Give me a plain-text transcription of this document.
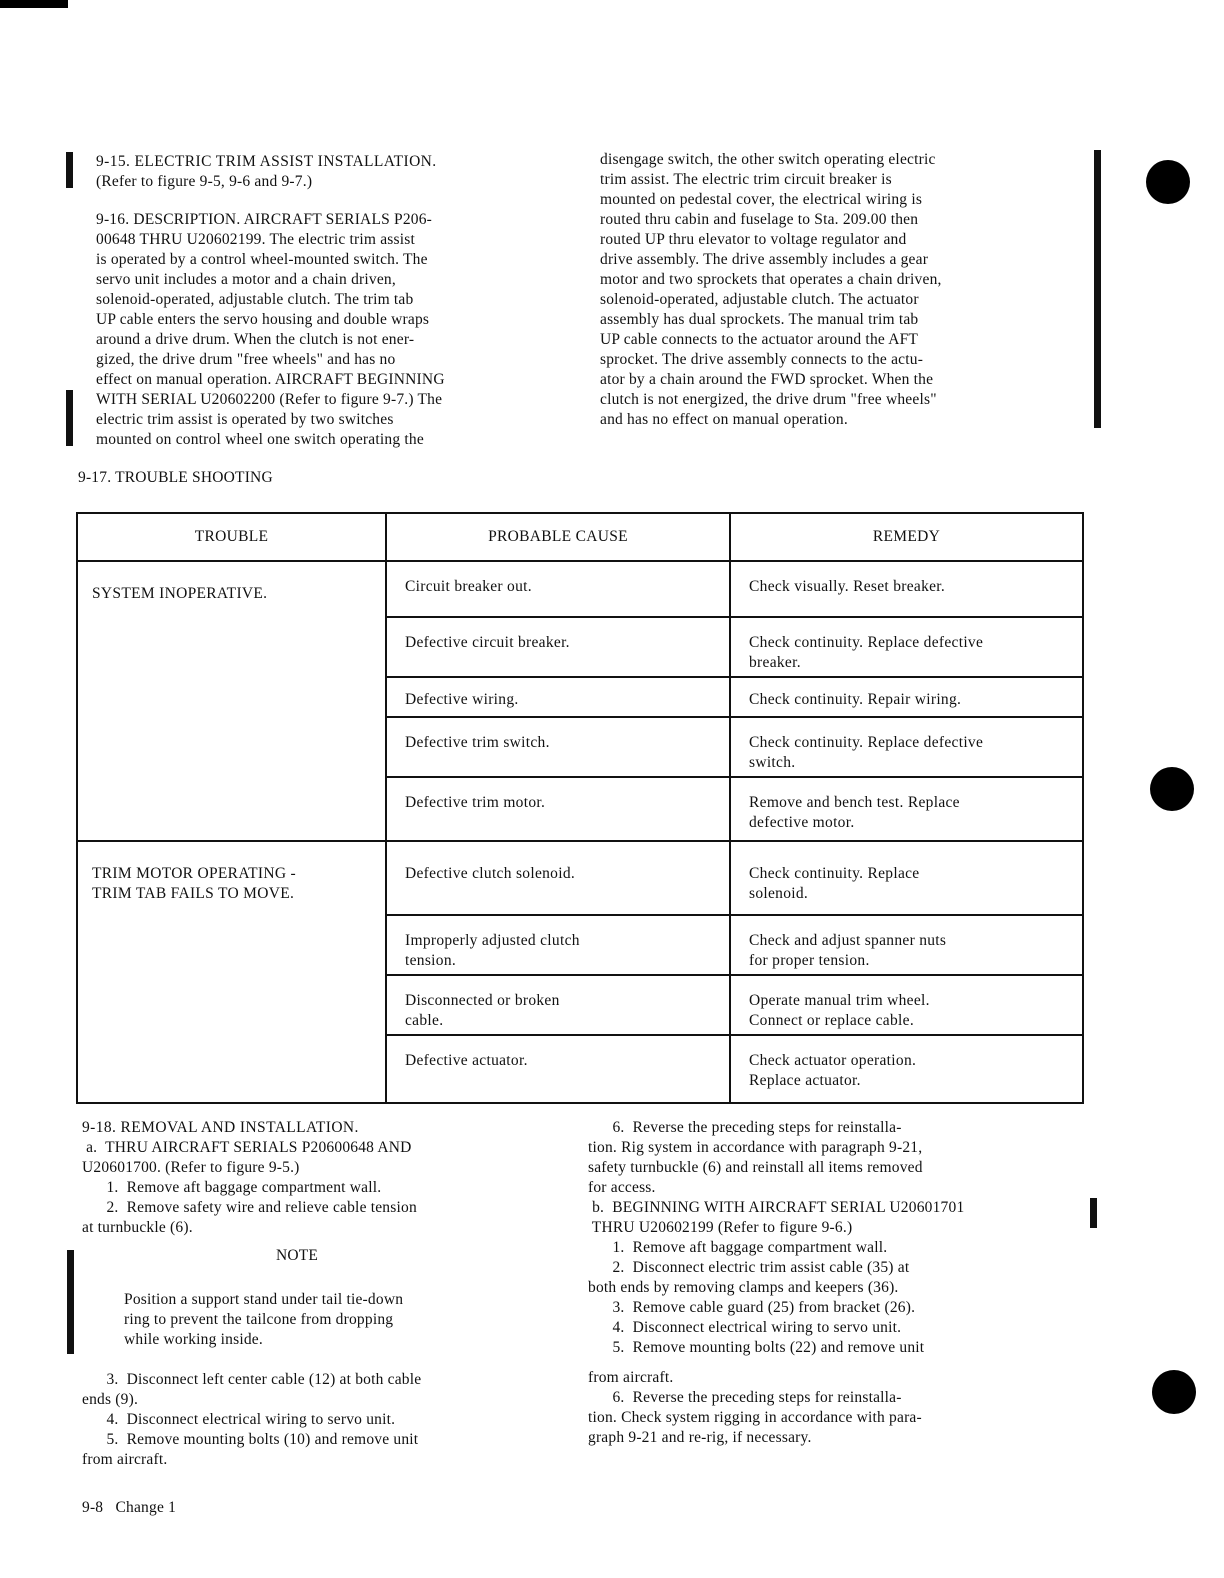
9-15. ELECTRIC TRIM ASSIST INSTALLATION.
(Refer to figure 9-5, 9-6 and 9-7.)
9-16. DESCRIPTION. AIRCRAFT SERIALS P206-
00648 THRU U20602199. The electric trim assist
is operated by a control wheel-mounted switch. The
servo unit includes a motor and a chain driven,
solenoid-operated, adjustable clutch. The trim tab
UP cable enters the servo housing and double wraps
around a drive drum. When the clutch is not ener-
gized, the drive drum "free wheels" and has no
effect on manual operation. AIRCRAFT BEGINNING
WITH SERIAL U20602200 (Refer to figure 9-7.) The
electric trim assist is operated by two switches
mounted on control wheel one switch operating the
disengage switch, the other switch operating electric
trim assist. The electric trim circuit breaker is
mounted on pedestal cover, the electrical wiring is
routed thru cabin and fuselage to Sta. 209.00 then
routed UP thru elevator to voltage regulator and
drive assembly. The drive assembly includes a gear
motor and two sprockets that operates a chain driven,
solenoid-operated, adjustable clutch. The actuator
assembly has dual sprockets. The manual trim tab
UP cable connects to the actuator around the AFT
sprocket. The drive assembly connects to the actu-
ator by a chain around the FWD sprocket. When the
clutch is not energized, the drive drum "free wheels"
and has no effect on manual operation.
9-17. TROUBLE SHOOTING
TROUBLE	PROBABLE CAUSE	REMEDY

SYSTEM INOPERATIVE.	Circuit breaker out.	Check visually. Reset breaker.

	Defective circuit breaker.	Check continuity. Replace defective
breaker.

	Defective wiring.	Check continuity. Repair wiring.

	Defective trim switch.	Check continuity. Replace defective
switch.

	Defective trim motor.	Remove and bench test. Replace
defective motor.

TRIM MOTOR OPERATING -
TRIM TAB FAILS TO MOVE.	Defective clutch solenoid.	Check continuity. Replace
solenoid.

	Improperly adjusted clutch
tension.	Check and adjust spanner nuts
for proper tension.

	Disconnected or broken
cable.	Operate manual trim wheel.
Connect or replace cable.

	Defective actuator.	Check actuator operation.
Replace actuator.
9-18. REMOVAL AND INSTALLATION.
a.  THRU AIRCRAFT SERIALS P20600648 AND
U20601700. (Refer to figure 9-5.)
1.  Remove aft baggage compartment wall.
2.  Remove safety wire and relieve cable tension
at turnbuckle (6).
NOTE
Position a support stand under tail tie-down
ring to prevent the tailcone from dropping
while working inside.
3.  Disconnect left center cable (12) at both cable
ends (9).
4.  Disconnect electrical wiring to servo unit.
5.  Remove mounting bolts (10) and remove unit
from aircraft.
6.  Reverse the preceding steps for reinstalla-
tion. Rig system in accordance with paragraph 9-21,
safety turnbuckle (6) and reinstall all items removed
for access.
b.  BEGINNING WITH AIRCRAFT SERIAL U20601701
THRU U20602199 (Refer to figure 9-6.)
1.  Remove aft baggage compartment wall.
2.  Disconnect electric trim assist cable (35) at
both ends by removing clamps and keepers (36).
3.  Remove cable guard (25) from bracket (26).
4.  Disconnect electrical wiring to servo unit.
5.  Remove mounting bolts (22) and remove unit
from aircraft.
6.  Reverse the preceding steps for reinstalla-
tion. Check system rigging in accordance with para-
graph 9-21 and re-rig, if necessary.
9-8   Change 1
